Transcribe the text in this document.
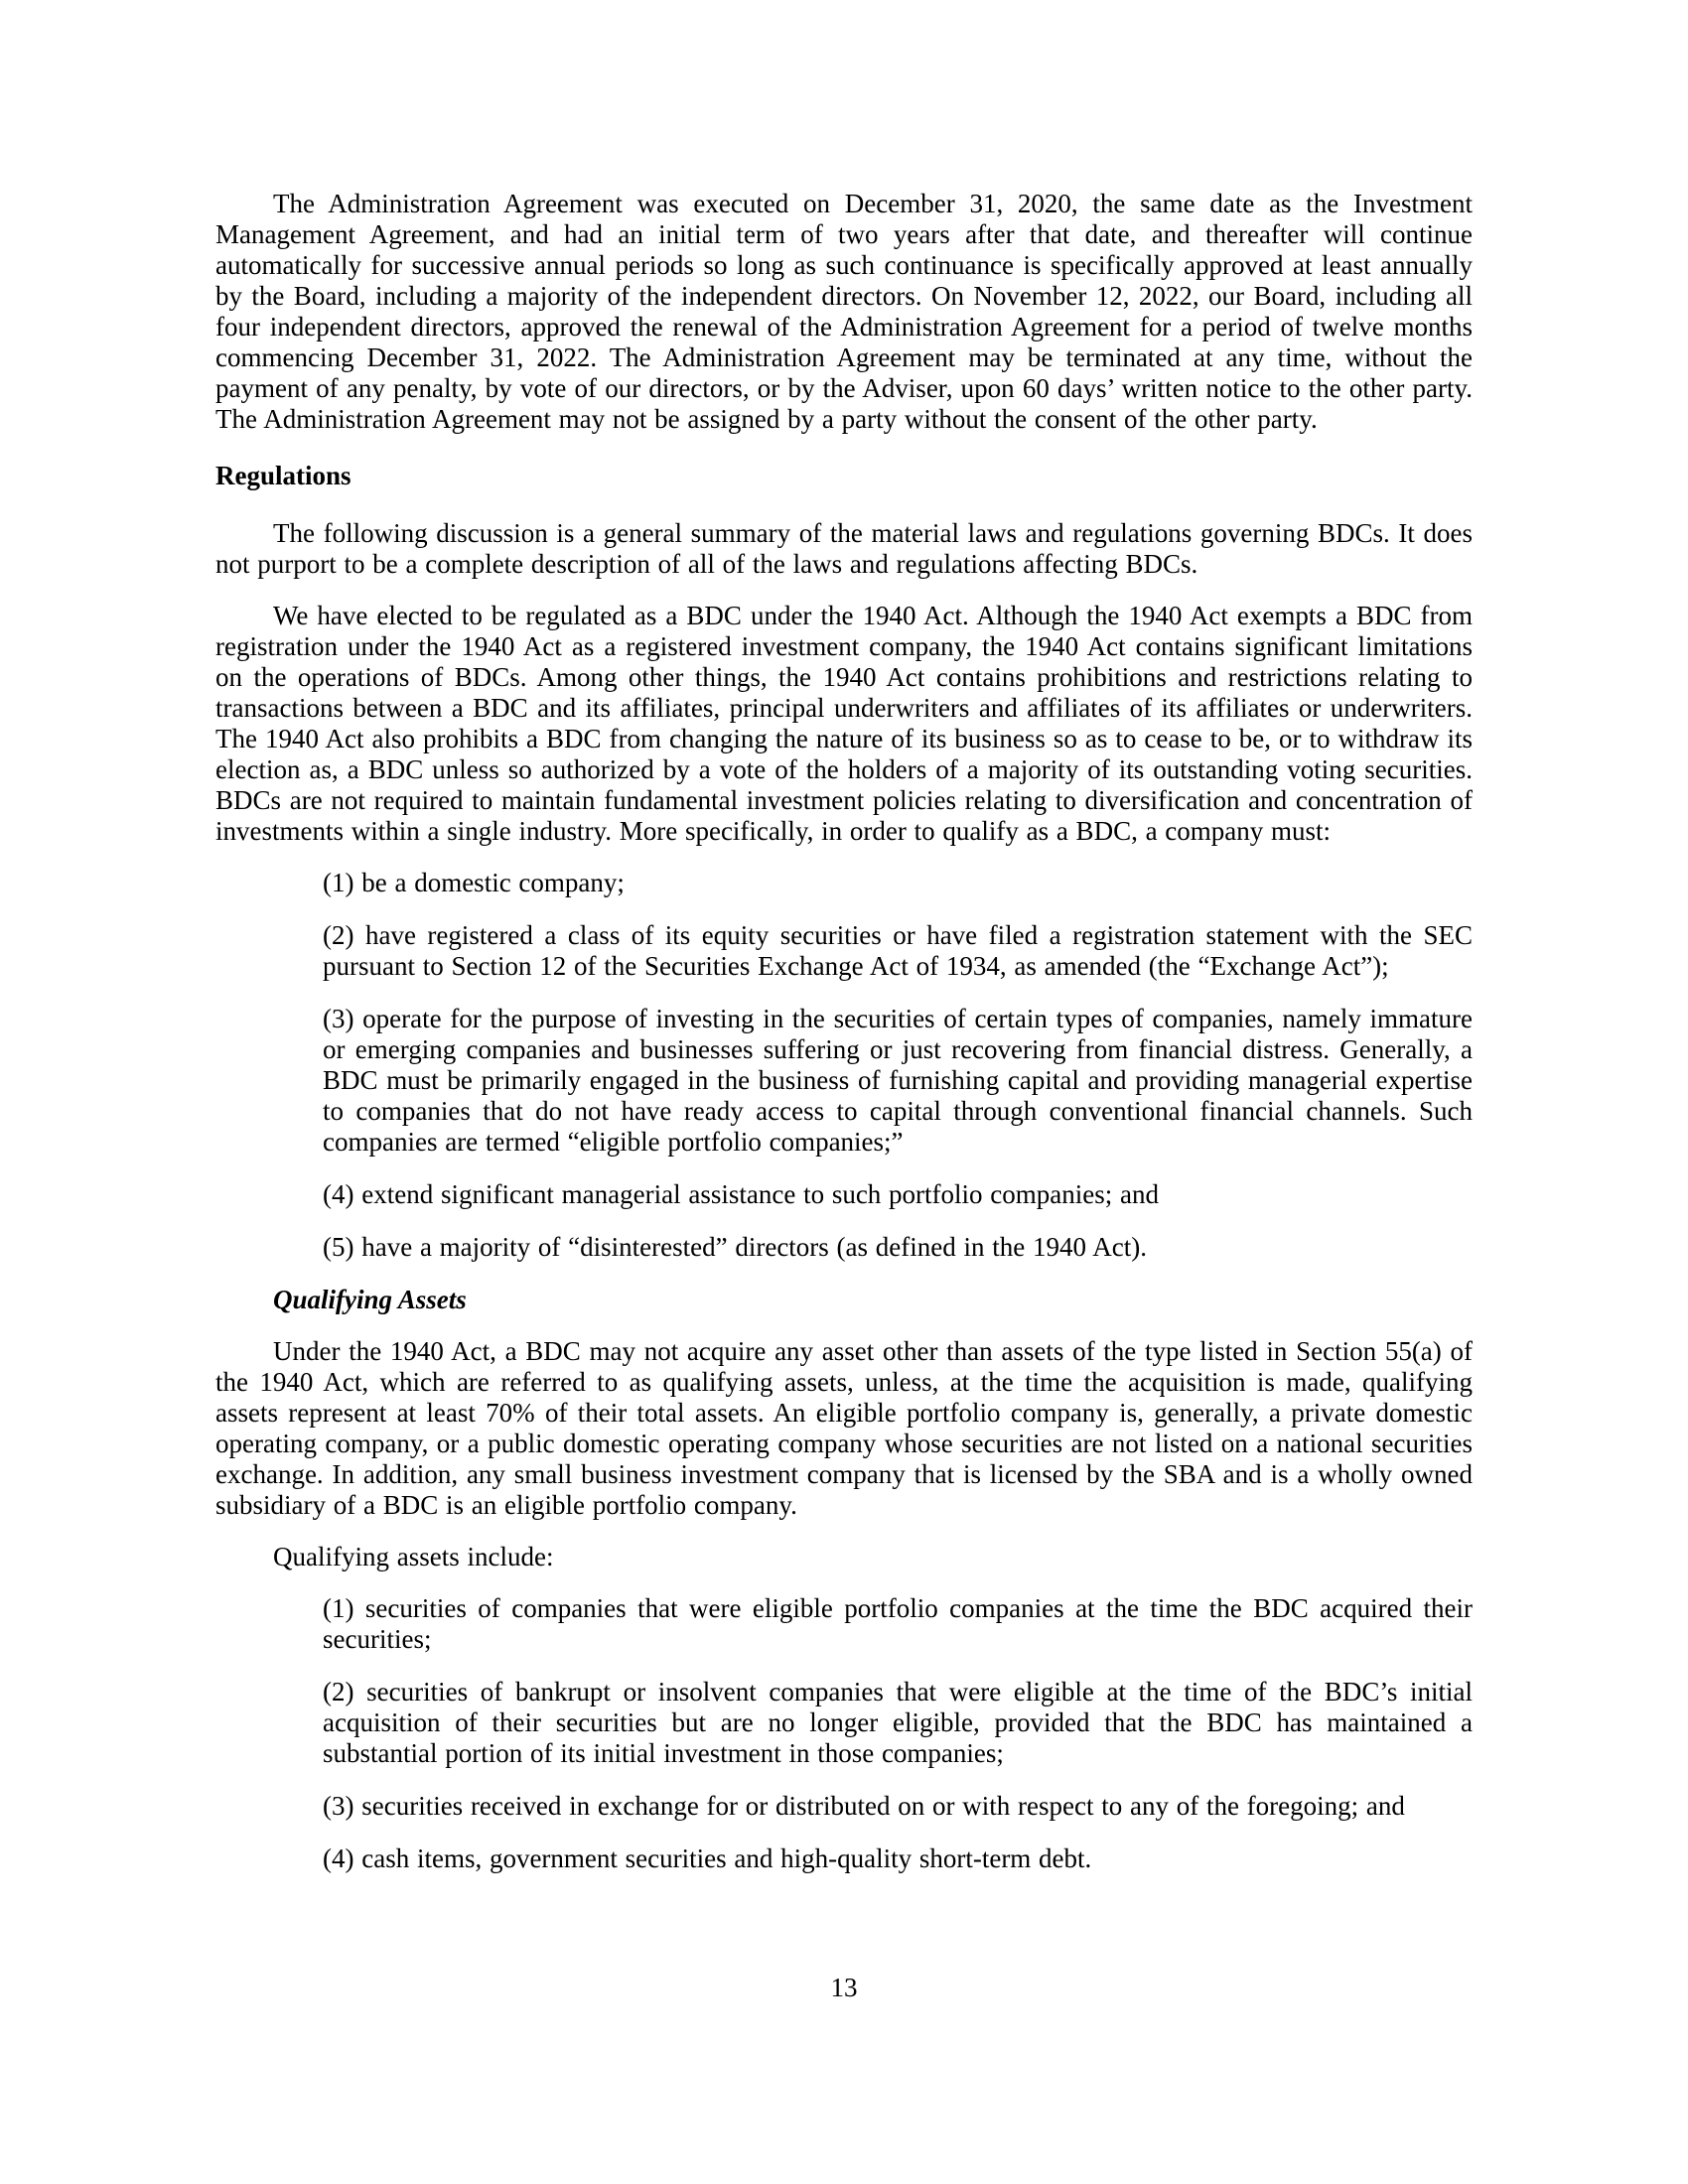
The Administration Agreement was executed on December 31, 2020, the same date as the Investment Management Agreement, and had an initial term of two years after that date, and thereafter will continue automatically for successive annual periods so long as such continuance is specifically approved at least annually by the Board, including a majority of the independent directors. On November 12, 2022, our Board, including all four independent directors, approved the renewal of the Administration Agreement for a period of twelve months commencing December 31, 2022. The Administration Agreement may be terminated at any time, without the payment of any penalty, by vote of our directors, or by the Adviser, upon 60 days’ written notice to the other party. The Administration Agreement may not be assigned by a party without the consent of the other party.

Regulations

The following discussion is a general summary of the material laws and regulations governing BDCs. It does not purport to be a complete description of all of the laws and regulations affecting BDCs.

We have elected to be regulated as a BDC under the 1940 Act. Although the 1940 Act exempts a BDC from registration under the 1940 Act as a registered investment company, the 1940 Act contains significant limitations on the operations of BDCs. Among other things, the 1940 Act contains prohibitions and restrictions relating to transactions between a BDC and its affiliates, principal underwriters and affiliates of its affiliates or underwriters. The 1940 Act also prohibits a BDC from changing the nature of its business so as to cease to be, or to withdraw its election as, a BDC unless so authorized by a vote of the holders of a majority of its outstanding voting securities. BDCs are not required to maintain fundamental investment policies relating to diversification and concentration of investments within a single industry. More specifically, in order to qualify as a BDC, a company must:

(1) be a domestic company;

(2) have registered a class of its equity securities or have filed a registration statement with the SEC pursuant to Section 12 of the Securities Exchange Act of 1934, as amended (the “Exchange Act”);

(3) operate for the purpose of investing in the securities of certain types of companies, namely immature or emerging companies and businesses suffering or just recovering from financial distress. Generally, a BDC must be primarily engaged in the business of furnishing capital and providing managerial expertise to companies that do not have ready access to capital through conventional financial channels. Such companies are termed “eligible portfolio companies;”

(4) extend significant managerial assistance to such portfolio companies; and

(5) have a majority of “disinterested” directors (as defined in the 1940 Act).

Qualifying Assets

Under the 1940 Act, a BDC may not acquire any asset other than assets of the type listed in Section 55(a) of the 1940 Act, which are referred to as qualifying assets, unless, at the time the acquisition is made, qualifying assets represent at least 70% of their total assets. An eligible portfolio company is, generally, a private domestic operating company, or a public domestic operating company whose securities are not listed on a national securities exchange. In addition, any small business investment company that is licensed by the SBA and is a wholly owned subsidiary of a BDC is an eligible portfolio company.

Qualifying assets include:

(1) securities of companies that were eligible portfolio companies at the time the BDC acquired their securities;

(2) securities of bankrupt or insolvent companies that were eligible at the time of the BDC’s initial acquisition of their securities but are no longer eligible, provided that the BDC has maintained a substantial portion of its initial investment in those companies;

(3) securities received in exchange for or distributed on or with respect to any of the foregoing; and

(4) cash items, government securities and high-quality short-term debt.

13
